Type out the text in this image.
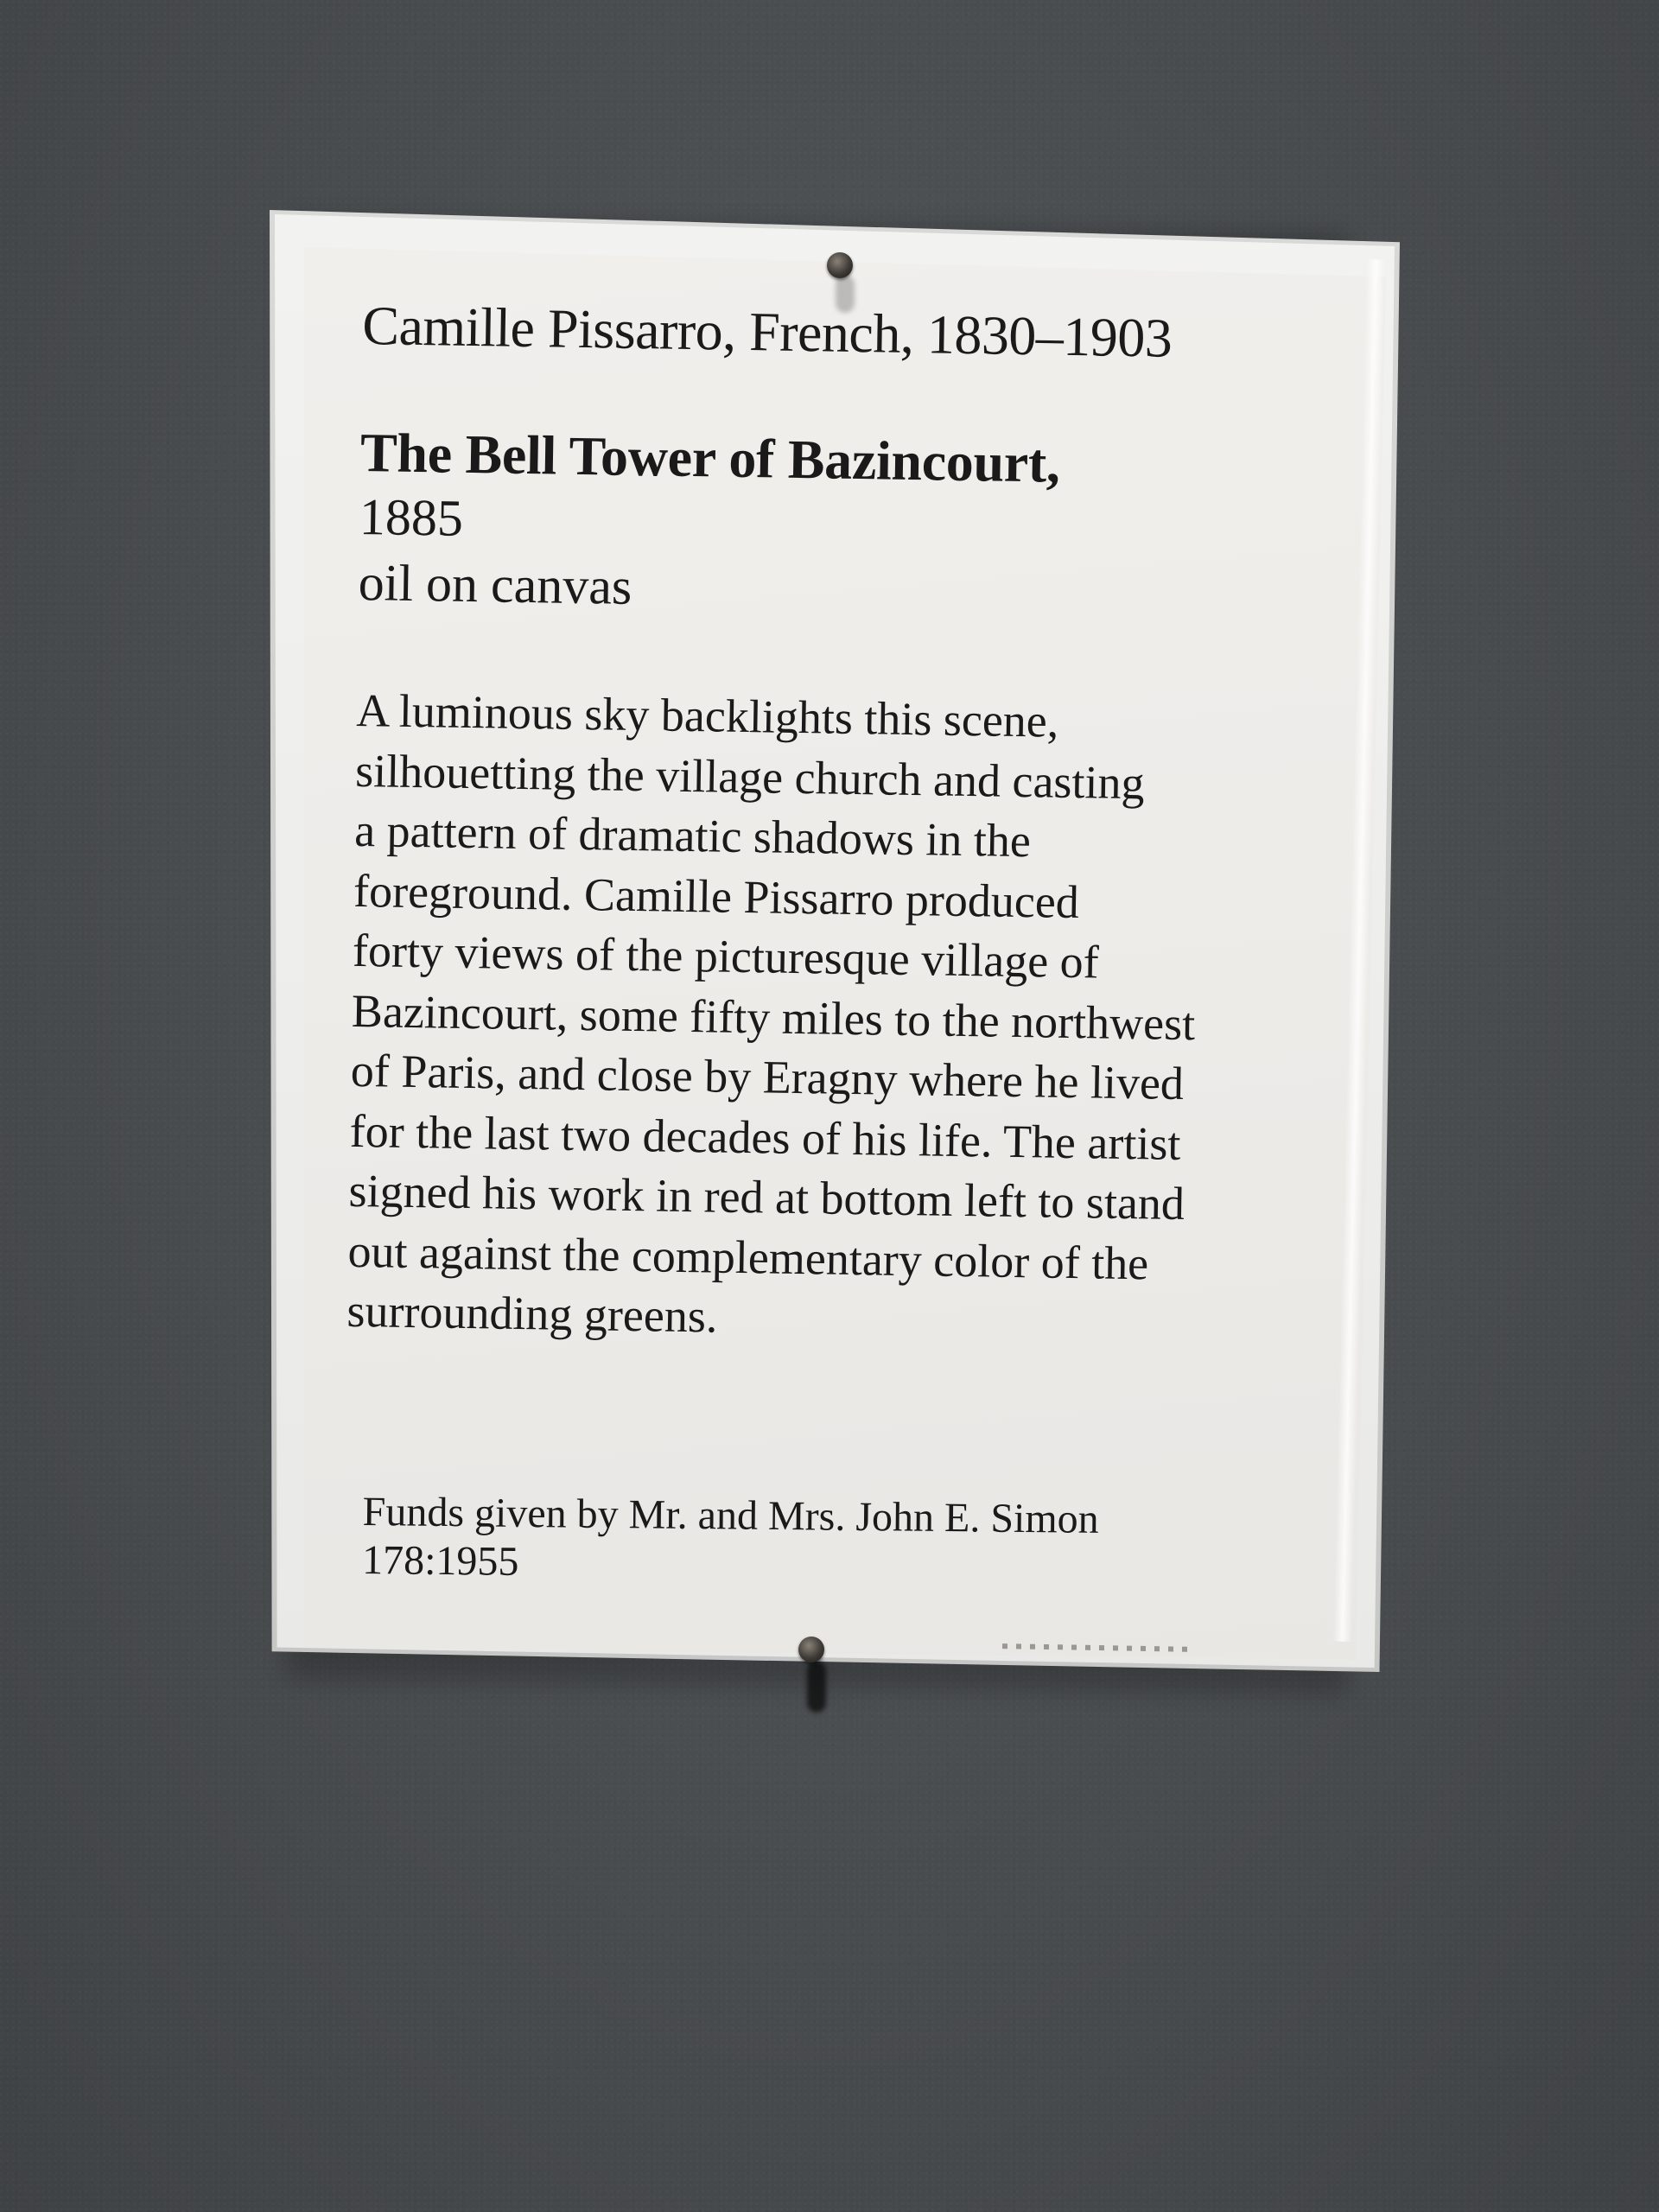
Camille Pissarro, French, 1830–1903
The Bell Tower of Bazincourt,

1885

oil on canvas

A luminous sky backlights this scene,
silhouetting the village church and casting
a pattern of dramatic shadows in the
foreground. Camille Pissarro produced
forty views of the picturesque village of
Bazincourt, some fifty miles to the northwest
of Paris, and close by Eragny where he lived
for the last two decades of his life. The artist
signed his work in red at bottom left to stand
out against the complementary color of the
surrounding greens.

Funds given by Mr. and Mrs. John E. Simon

178:1955
